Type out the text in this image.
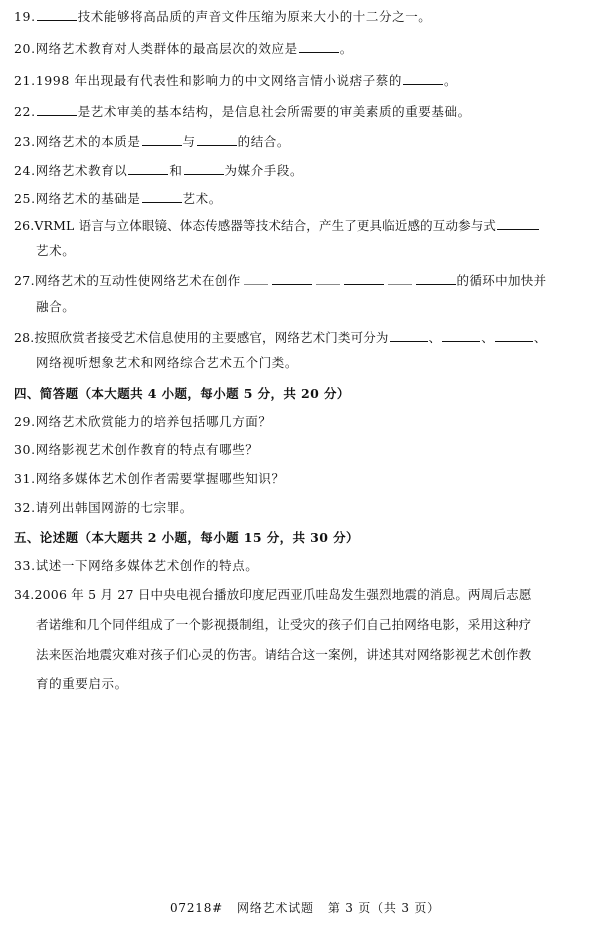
19.	技术能够将高品质的声音文件压缩为原来大小的十二分之一。
20.网络艺术教育对人类群体的最高层次的效应是	。
21.1998 年出现最有代表性和影响力的中文网络言情小说痞子蔡的	。
22.	是艺术审美的基本结构，是信息社会所需要的审美素质的重要基础。
23.网络艺术的本质是	与	的结合。
24.网络艺术教育以	和	为媒介手段。
25.网络艺术的基础是	艺术。
26.VRML 语言与立体眼镜、体态传感器等技术结合，产生了更具临近感的互动参与式
艺术。
27.网络艺术的互动性使网络艺术在创作	的循环中加快并
融合。
28.按照欣赏者接受艺术信息使用的主要感官，网络艺术门类可分为	、	、	、
网络视听想象艺术和网络综合艺术五个门类。
四、简答题（本大题共 4 小题，每小题 5 分，共 20 分）
29.网络艺术欣赏能力的培养包括哪几方面？
30.网络影视艺术创作教育的特点有哪些？
31.网络多媒体艺术创作者需要掌握哪些知识？
32.请列出韩国网游的七宗罪。
五、论述题（本大题共 2 小题，每小题 15 分，共 30 分）
33.试述一下网络多媒体艺术创作的特点。
34.2006 年 5 月 27 日中央电视台播放印度尼西亚爪哇岛发生强烈地震的消息。两周后志愿
者诺维和几个同伴组成了一个影视摄制组，让受灾的孩子们自己拍网络电影，采用这种疗
法来医治地震灾难对孩子们心灵的伤害。请结合这一案例，讲述其对网络影视艺术创作教
育的重要启示。
07218# 网络艺术试题 第 3 页（共 3 页）
